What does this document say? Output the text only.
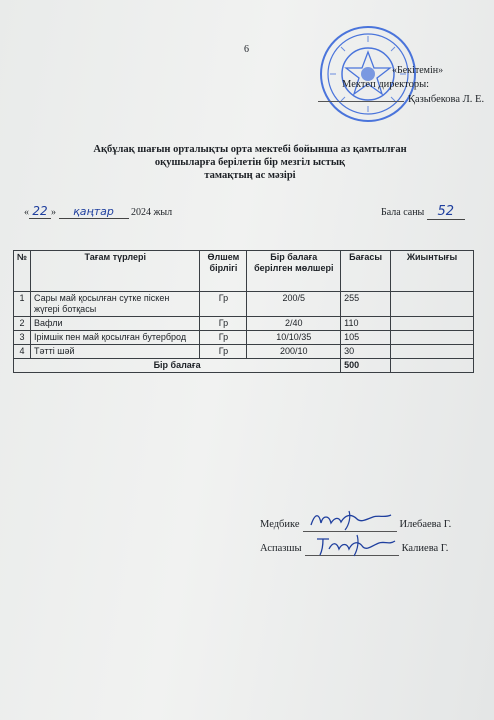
6
«Бекітемін»
Мектеп директоры:
Қазыбекова Л. Е.
Ақбұлақ шағын орталықты орта мектебі бойынша аз қамтылған
оқушыларға берілетін бір мезгіл ыстық
тамақтың ас мәзірі
« 22 » қаңтар 2024 жыл	Бала саны 52
№	Тағам түрлері	Өлшем бірлігі	Бір балаға берілген мөлшері	Бағасы	Жиынтығы
1	Сары май қосылған сутке піскен жүгері ботқасы	Гр	200/5	255	
2	Вафли	Гр	2/40	110	
3	Ірімшік пен май қосылған бутерброд	Гр	10/10/35	105	
4	Тәтті шәй	Гр	200/10	30	
Бір балаға				500	
Медбике	Илебаева Г.
Аспазшы	Калиева Г.
